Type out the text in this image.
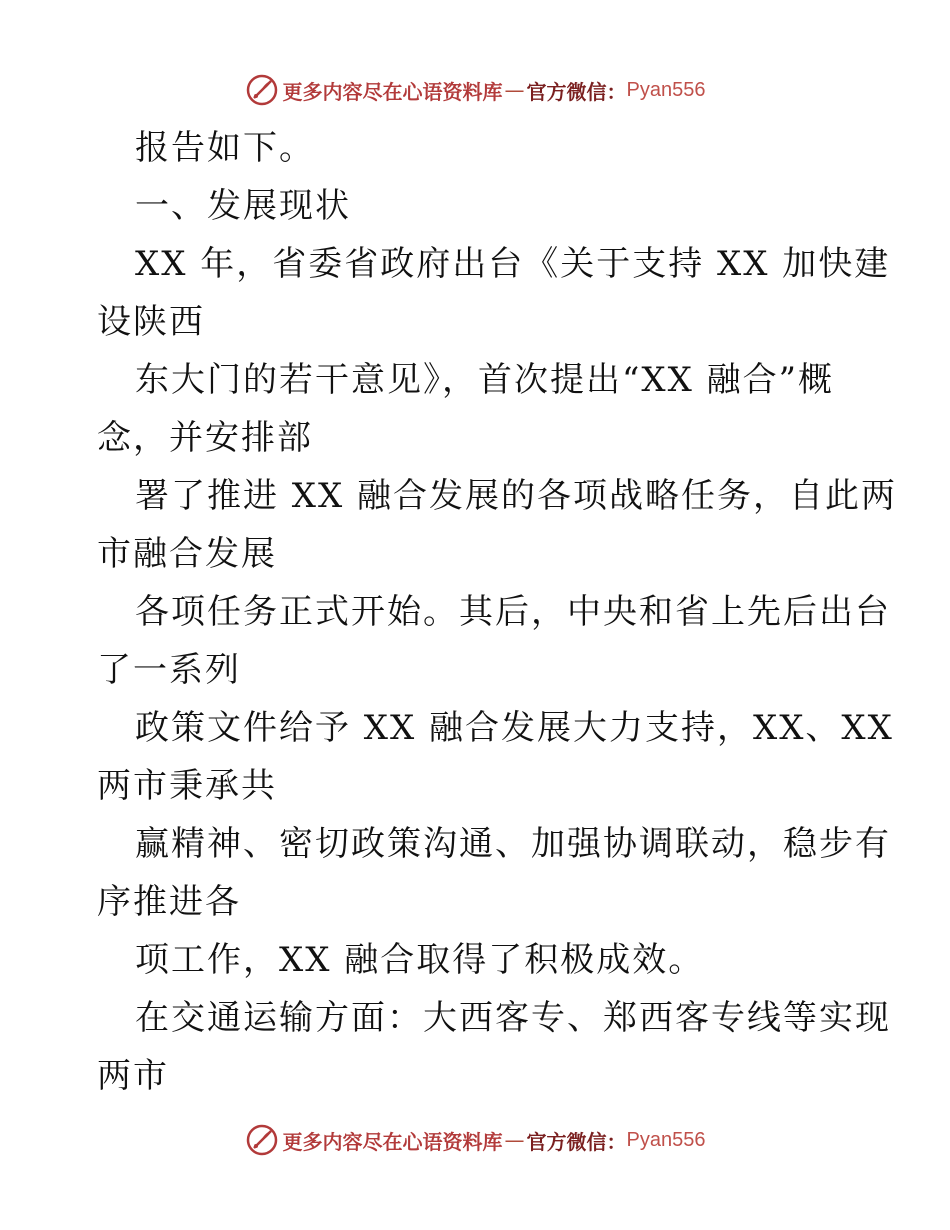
更多内容尽在心语资料库 — 官方微信： Pyan556
报告如下。
一、发展现状
XX 年，省委省政府出台《关于支持 XX 加快建
设陕西
东大门的若干意见》，首次提出“XX 融合”概
念，并安排部
署了推进 XX 融合发展的各项战略任务，自此两
市融合发展
各项任务正式开始。其后，中央和省上先后出台
了一系列
政策文件给予 XX 融合发展大力支持，XX、XX
两市秉承共
赢精神、密切政策沟通、加强协调联动，稳步有
序推进各
项工作，XX 融合取得了积极成效。
在交通运输方面：大西客专、郑西客专线等实现
两市
更多内容尽在心语资料库 — 官方微信： Pyan556
